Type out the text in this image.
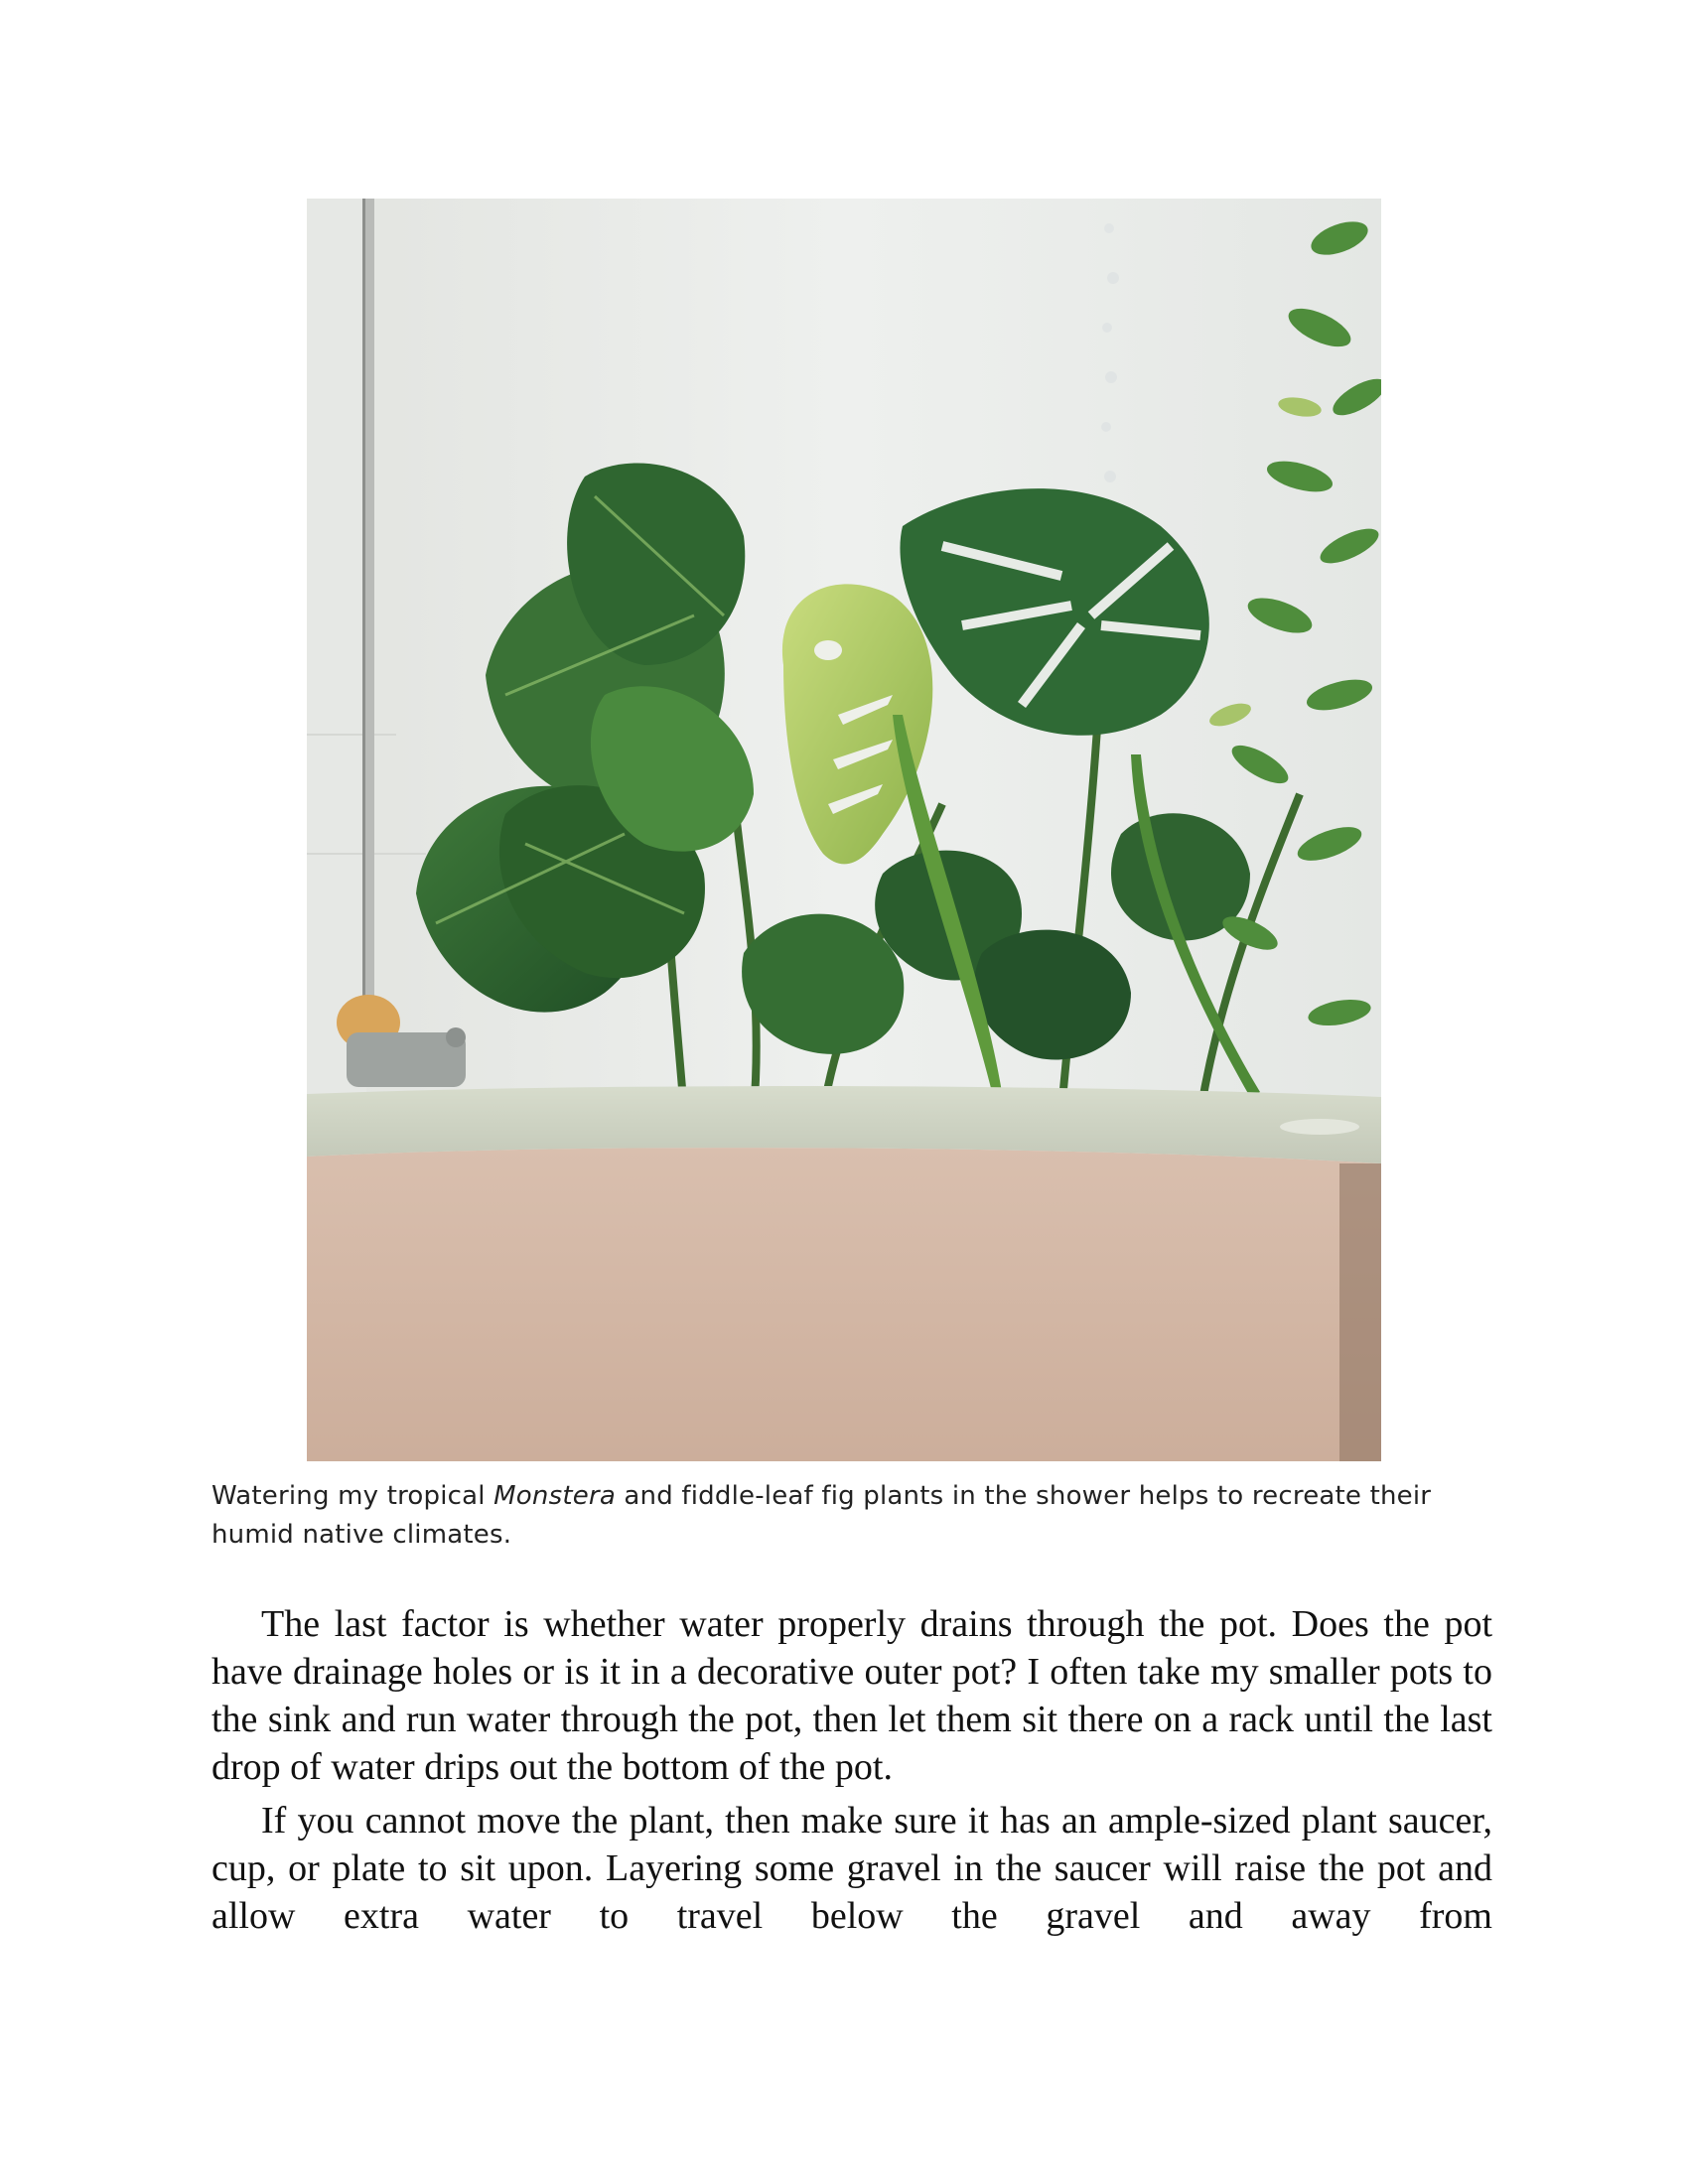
Watering my tropical Monstera and fiddle-leaf fig plants in the shower helps to recreate their humid native climates.

The last factor is whether water properly drains through the pot. Does the pot have drainage holes or is it in a decorative outer pot? I often take my smaller pots to the sink and run water through the pot, then let them sit there on a rack until the last drop of water drips out the bottom of the pot.

If you cannot move the plant, then make sure it has an ample-sized plant saucer, cup, or plate to sit upon. Layering some gravel in the saucer will raise the pot and allow extra water to travel below the gravel and away from
